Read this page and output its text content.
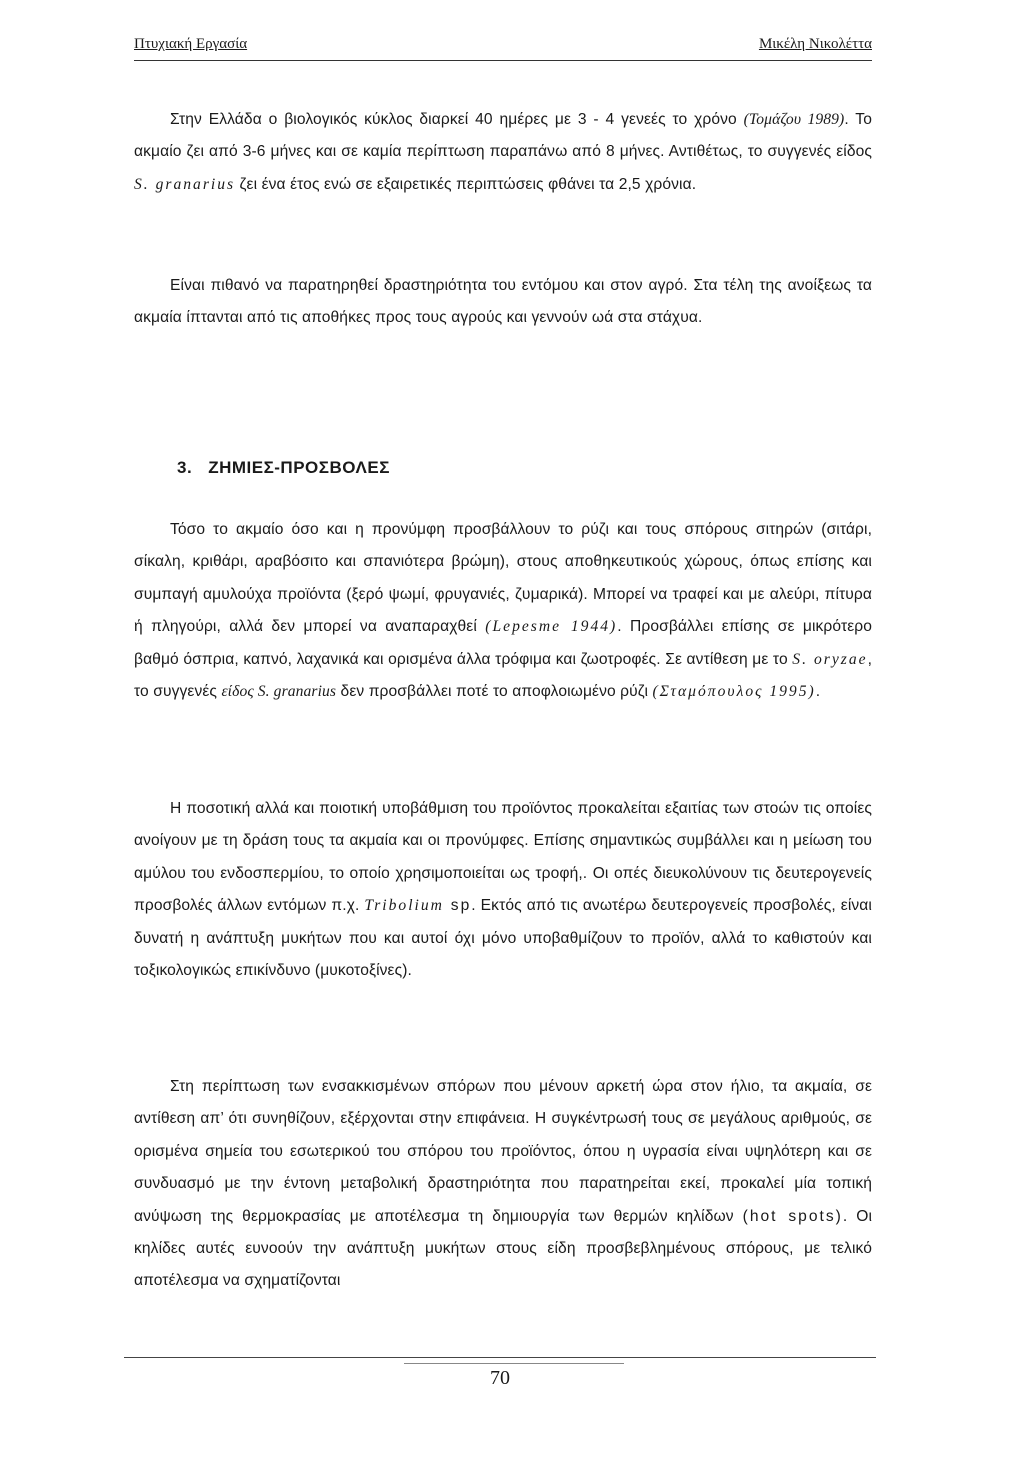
Πτυχιακή Εργασία	Μικέλη Νικολέττα

Στην Ελλάδα ο βιολογικός κύκλος διαρκεί 40 ημέρες με 3 - 4 γενεές το χρόνο (Τομάζου 1989). Το ακμαίο ζει από 3-6 μήνες και σε καμία περίπτωση παραπάνω από 8 μήνες. Αντιθέτως, το συγγενές είδος S. granarius ζει ένα έτος ενώ σε εξαιρετικές περιπτώσεις φθάνει τα 2,5 χρόνια.

Είναι πιθανό να παρατηρηθεί δραστηριότητα του εντόμου και στον αγρό. Στα τέλη της ανοίξεως τα ακμαία ίπτανται από τις αποθήκες προς τους αγρούς και γεννούν ωά στα στάχυα.

3. ΖΗΜΙΕΣ-ΠΡΟΣΒΟΛΕΣ

Τόσο το ακμαίο όσο και η προνύμφη προσβάλλουν το ρύζι και τους σπόρους σιτηρών (σιτάρι, σίκαλη, κριθάρι, αραβόσιτο και σπανιότερα βρώμη), στους αποθηκευτικούς χώρους, όπως επίσης και συμπαγή αμυλούχα προϊόντα (ξερό ψωμί, φρυγανιές, ζυμαρικά). Μπορεί να τραφεί και με αλεύρι, πίτυρα ή πληγούρι, αλλά δεν μπορεί να αναπαραχθεί (Lepesme 1944). Προσβάλλει επίσης σε μικρότερο βαθμό όσπρια, καπνό, λαχανικά και ορισμένα άλλα τρόφιμα και ζωοτροφές. Σε αντίθεση με το S. oryzae, το συγγενές είδος S. granarius δεν προσβάλλει ποτέ το αποφλοιωμένο ρύζι (Σταμόπουλος 1995).

Η ποσοτική αλλά και ποιοτική υποβάθμιση του προϊόντος προκαλείται εξαιτίας των στοών τις οποίες ανοίγουν με τη δράση τους τα ακμαία και οι προνύμφες. Επίσης σημαντικώς συμβάλλει και η μείωση του αμύλου του ενδοσπερμίου, το οποίο χρησιμοποιείται ως τροφή,. Οι οπές διευκολύνουν τις δευτερογενείς προσβολές άλλων εντόμων π.χ. Tribolium sp. Εκτός από τις ανωτέρω δευτερογενείς προσβολές, είναι δυνατή η ανάπτυξη μυκήτων που και αυτοί όχι μόνο υποβαθμίζουν το προϊόν, αλλά το καθιστούν και τοξικολογικώς επικίνδυνο (μυκοτοξίνες).

Στη περίπτωση των ενσακκισμένων σπόρων που μένουν αρκετή ώρα στον ήλιο, τα ακμαία, σε αντίθεση απ’ ότι συνηθίζουν, εξέρχονται στην επιφάνεια. Η συγκέντρωσή τους σε μεγάλους αριθμούς, σε ορισμένα σημεία του εσωτερικού του σπόρου του προϊόντος, όπου η υγρασία είναι υψηλότερη και σε συνδυασμό με την έντονη μεταβολική δραστηριότητα που παρατηρείται εκεί, προκαλεί μία τοπική ανύψωση της θερμοκρασίας με αποτέλεσμα τη δημιουργία των θερμών κηλίδων (hot spots). Οι κηλίδες αυτές ευνοούν την ανάπτυξη μυκήτων στους είδη προσβεβλημένους σπόρους, με τελικό αποτέλεσμα να σχηματίζονται

70
